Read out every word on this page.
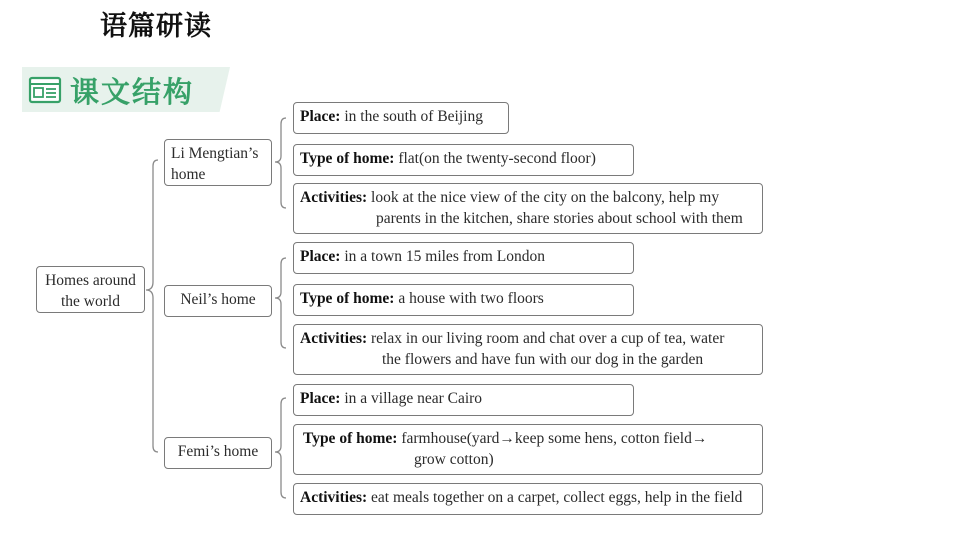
语篇研读
课文结构
Homes around
the world
Li Mengtian’s
home
Place: in the south of Beijing
Type of home: flat(on the twenty-second floor)
Activities: look at the nice view of the city on the balcony, help my
parents in the kitchen, share stories about school with them
Neil’s home
Place: in a town 15 miles from London
Type of home: a house with two floors
Activities: relax in our living room and chat over a cup of tea, water
the flowers and have fun with our dog in the garden
Femi’s home
Place: in a village near Cairo
Type of home: farmhouse(yard→keep some hens, cotton field→
grow cotton)
Activities: eat meals together on a carpet, collect eggs, help in the field
